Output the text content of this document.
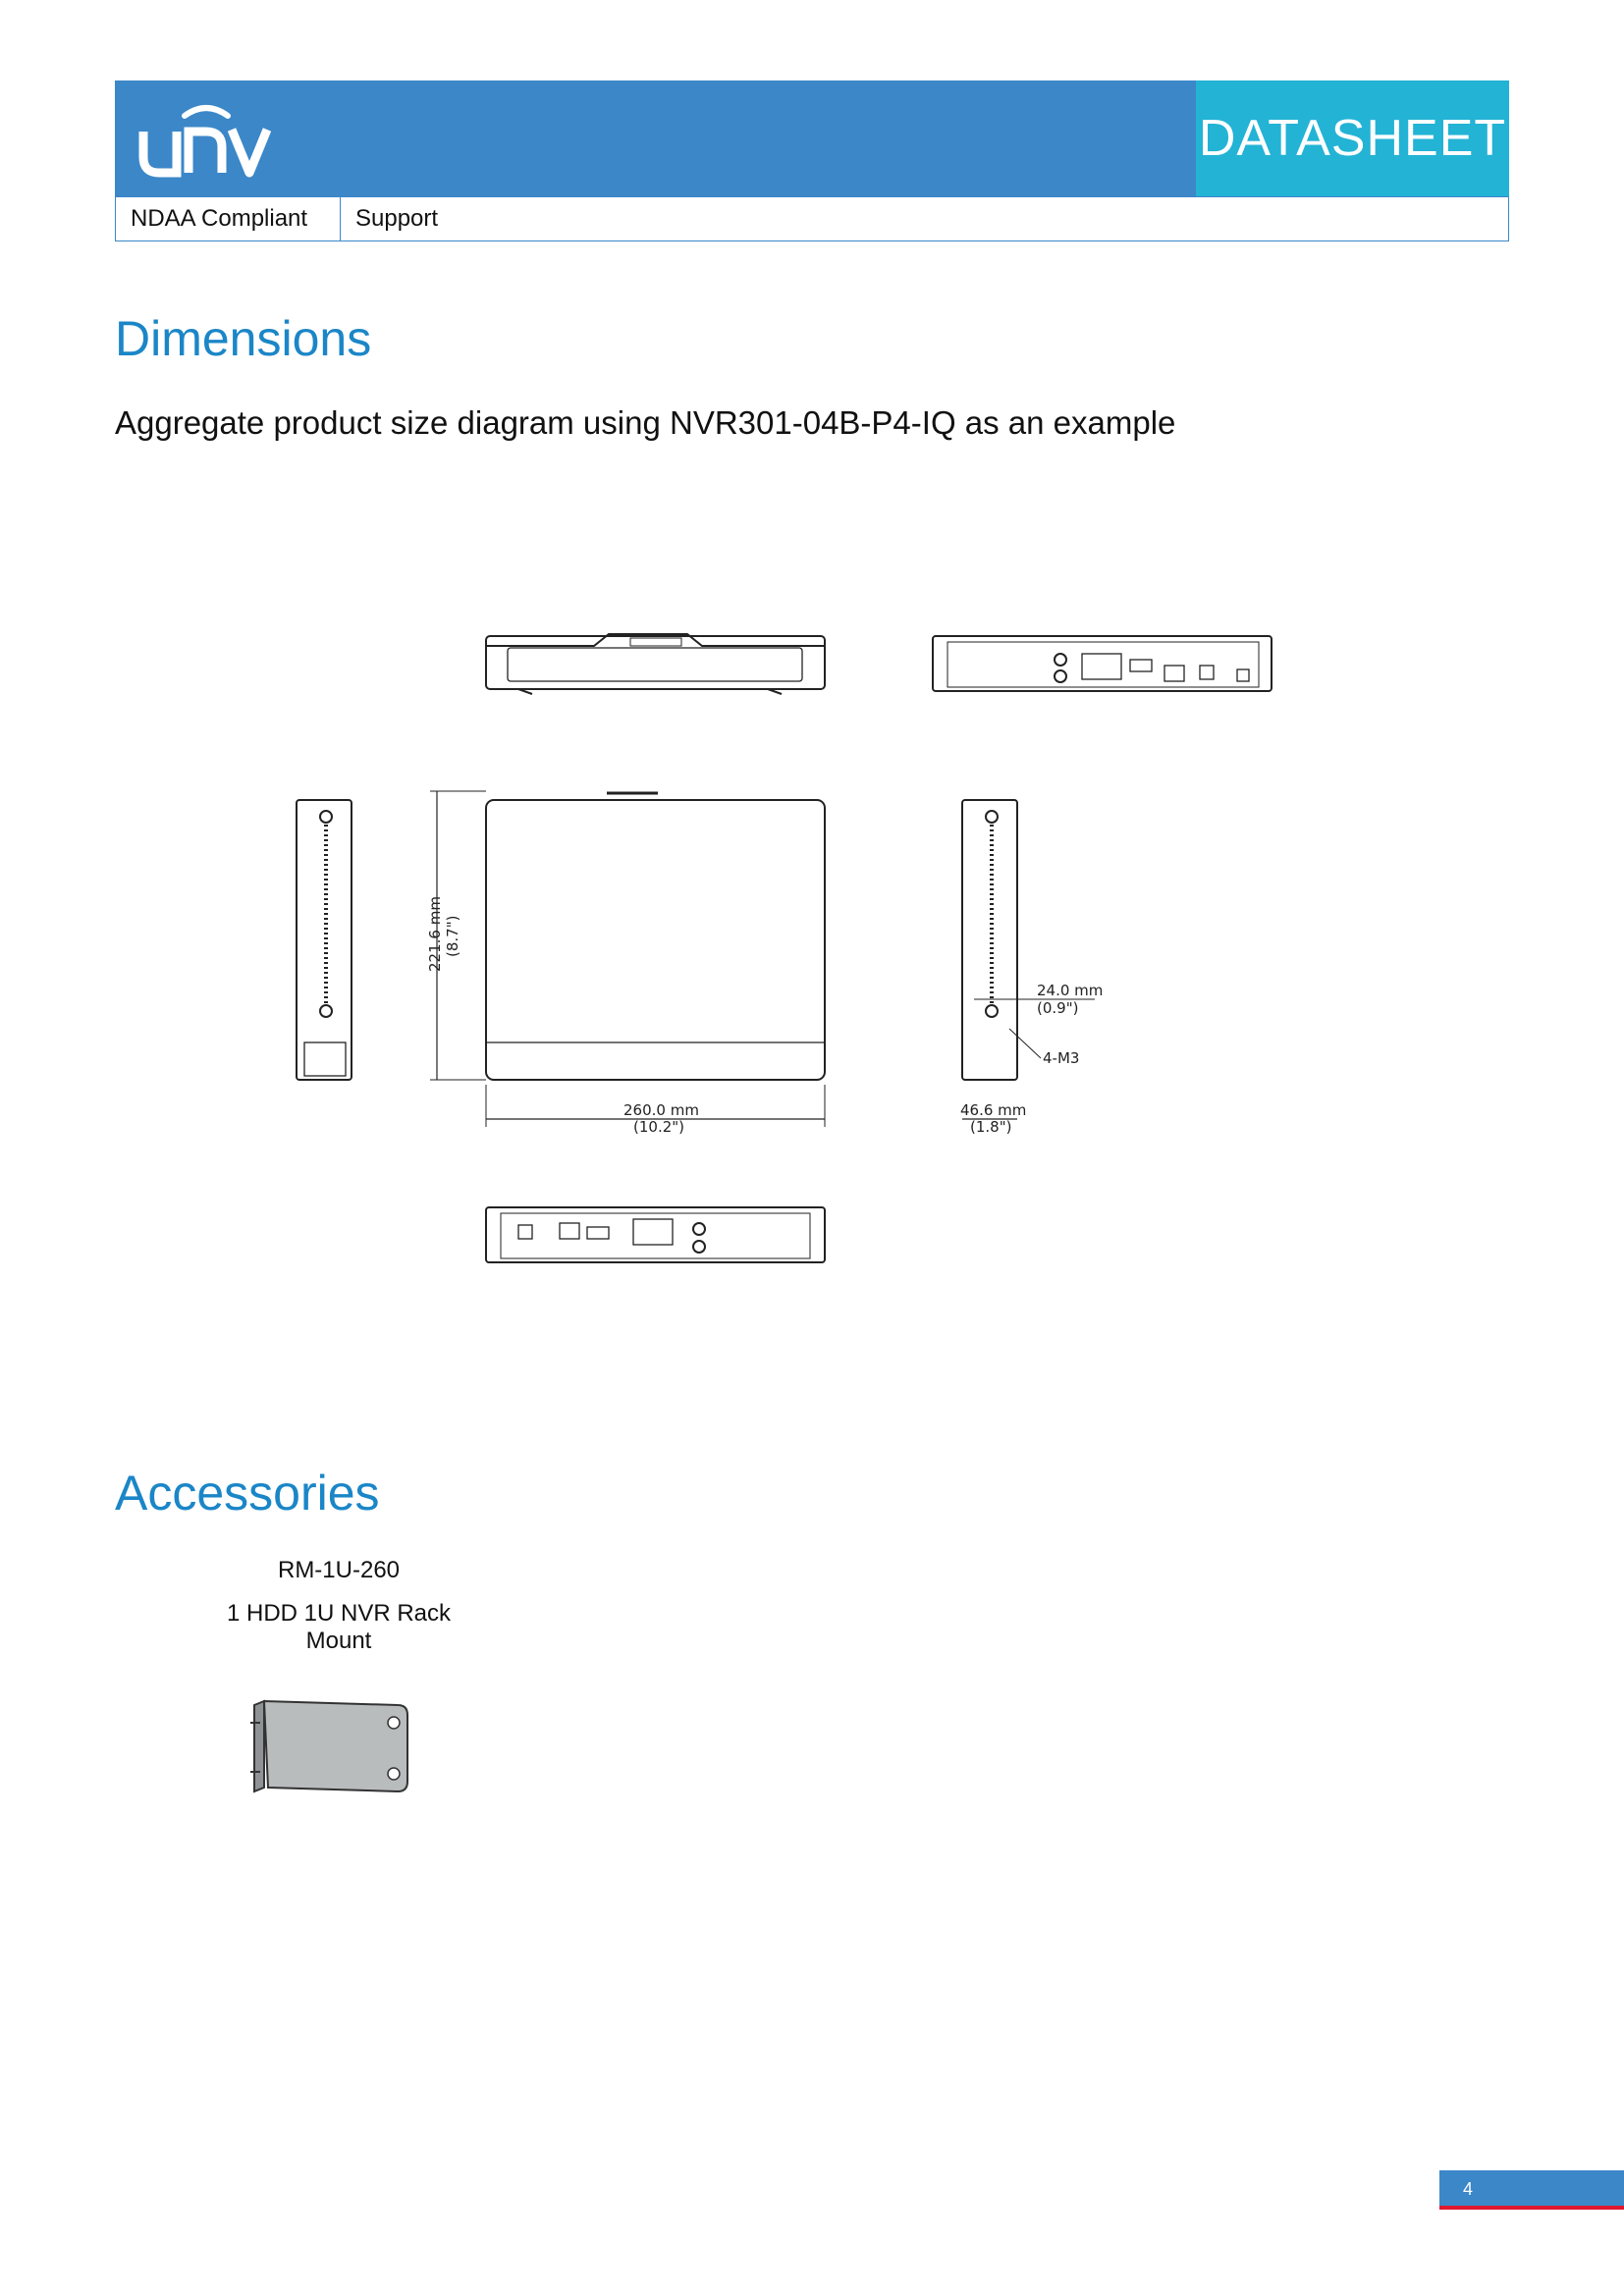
DATASHEET
NDAA Compliant	Support
Dimensions
Aggregate product size diagram using NVR301-04B-P4-IQ as an example
221.6 mm (8.7")
260.0 mm
(10.2")
24.0 mm
(0.9")
4-M3
46.6 mm
(1.8")
Accessories
RM-1U-260
1 HDD 1U NVR Rack Mount
4
